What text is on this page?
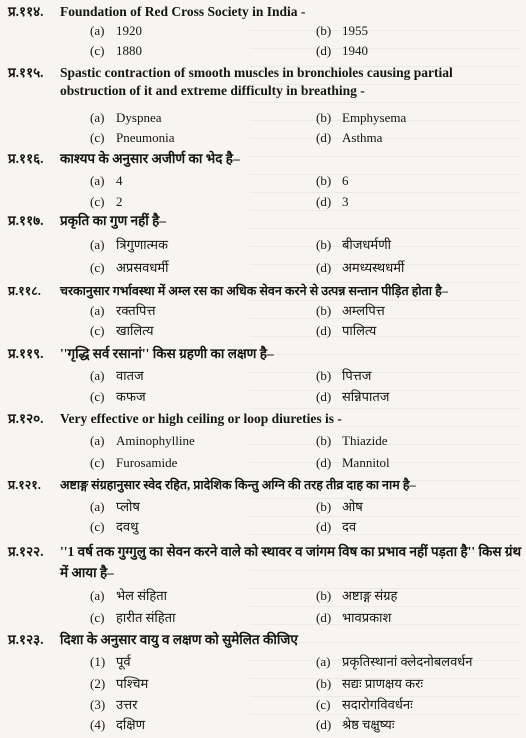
प्र.११४. Foundation of Red Cross Society in India -
(a) 1920	(b) 1955
(c) 1880	(d) 1940
प्र.११५. Spastic contraction of smooth muscles in bronchioles causing partial obstruction of it and extreme difficulty in breathing -
(a) Dyspnea	(b) Emphysema
(c) Pneumonia	(d) Asthma
प्र.११६. काश्यप के अनुसार अजीर्ण का भेद है–
(a) 4	(b) 6
(c) 2	(d) 3
प्र.११७. प्रकृति का गुण नहीं है–
(a) त्रिगुणात्मक	(b) बीजधर्मणी
(c) अप्रसवधर्मी	(d) अमध्यस्थधर्मी
प्र.११८. चरकानुसार गर्भावस्था में अम्ल रस का अधिक सेवन करने से उत्पन्न सन्तान पीड़ित होता है–
(a) रक्तपित्त	(b) अम्लपित्त
(c) खालित्य	(d) पालित्य
प्र.११९. ''गृद्धि सर्व रसानां'' किस ग्रहणी का लक्षण है–
(a) वातज	(b) पित्तज
(c) कफज	(d) सन्निपातज
प्र.१२०. Very effective or high ceiling or loop diureties is -
(a) Aminophylline	(b) Thiazide
(c) Furosamide	(d) Mannitol
प्र.१२१. अष्टाङ्ग संग्रहानुसार स्वेद रहित, प्रादेशिक किन्तु अग्नि की तरह तीव्र दाह का नाम है–
(a) प्लोष	(b) ओष
(c) दवथु	(d) दव
प्र.१२२. ''1 वर्ष तक गुग्गुलु का सेवन करने वाले को स्थावर व जांगम विष का प्रभाव नहीं पड़ता है'' किस ग्रंथ में आया है–
(a) भेल संहिता	(b) अष्टाङ्ग संग्रह
(c) हारीत संहिता	(d) भावप्रकाश
प्र.१२३. दिशा के अनुसार वायु व लक्षण को सुमेलित कीजिए
(1) पूर्व	(a) प्रकृतिस्थानां क्लेदनोबलवर्धन
(2) पश्चिम	(b) सद्यः प्राणक्षय करः
(3) उत्तर	(c) सदारोगविवर्धनः
(4) दक्षिण	(d) श्रेष्ठ चक्षुष्यः
